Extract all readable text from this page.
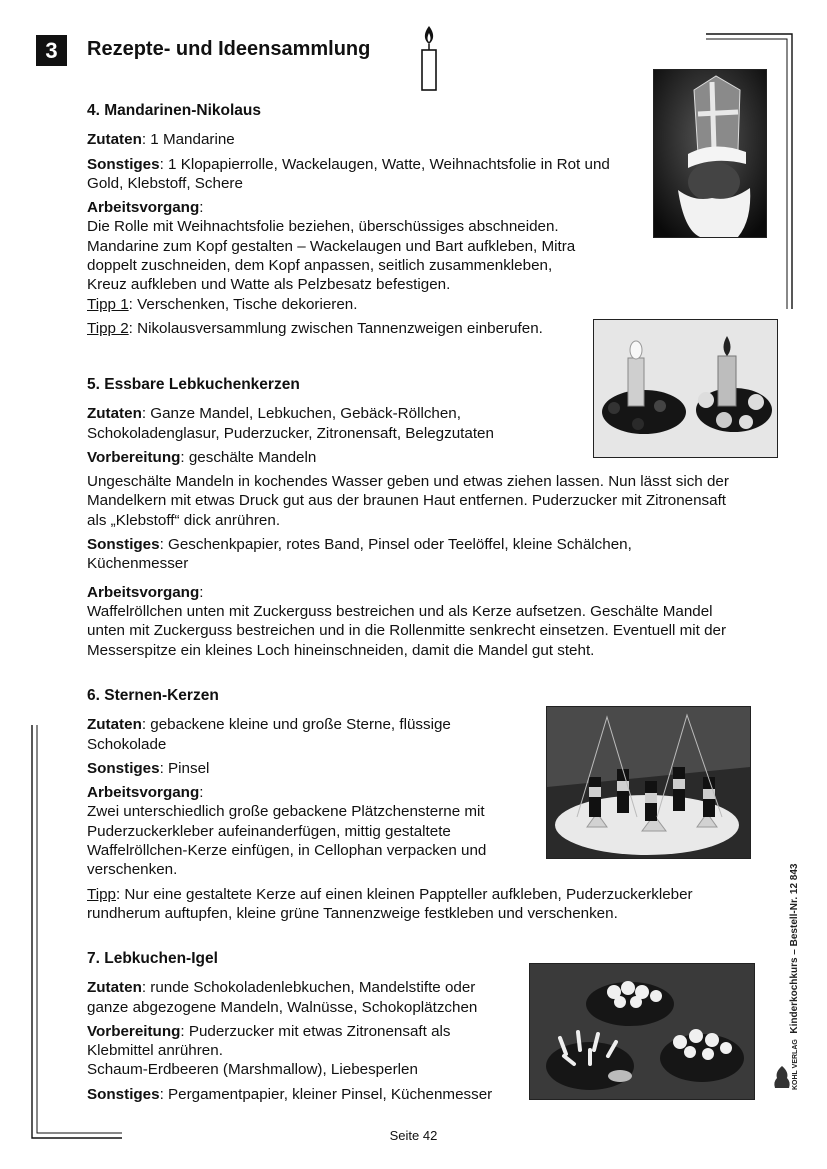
3	Rezepte- und Ideensammlung
4. Mandarinen-Nikolaus

Zutaten: 1 Mandarine

Sonstiges: 1 Klopapierrolle, Wackelaugen, Watte, Weihnachtsfolie in Rot und Gold, Klebstoff, Schere

Arbeitsvorgang:

Die Rolle mit Weihnachtsfolie beziehen, überschüssiges abschneiden. Mandarine zum Kopf gestalten – Wackelaugen und Bart aufkleben, Mitra doppelt zuschneiden, dem Kopf anpassen, seitlich zusammenkleben, Kreuz aufkleben und Watte als Pelzbesatz befestigen.

Tipp 1: Verschenken, Tische dekorieren.

Tipp 2: Nikolausversammlung zwischen Tannenzweigen einberufen.

5. Essbare Lebkuchenkerzen

Zutaten: Ganze Mandel, Lebkuchen, Gebäck-Röllchen, Schokoladenglasur, Puderzucker, Zitronensaft, Belegzutaten

Vorbereitung: geschälte Mandeln

Ungeschälte Mandeln in kochendes Wasser geben und etwas ziehen lassen. Nun lässt sich der Mandelkern mit etwas Druck gut aus der braunen Haut entfernen. Puderzucker mit Zitronensaft als „Klebstoff“ dick anrühren.

Sonstiges: Geschenkpapier, rotes Band, Pinsel oder Teelöffel, kleine Schälchen, Küchenmesser

Arbeitsvorgang:

Waffelröllchen unten mit Zuckerguss bestreichen und als Kerze aufsetzen. Geschälte Mandel unten mit Zuckerguss bestreichen und in die Rollenmitte senkrecht einsetzen. Eventuell mit der Messerspitze ein kleines Loch hineinschneiden, damit die Mandel gut steht.

6. Sternen-Kerzen

Zutaten: gebackene kleine und große Sterne, flüssige Schokolade

Sonstiges: Pinsel

Arbeitsvorgang:

Zwei unterschiedlich große gebackene Plätzchensterne mit Puderzuckerkleber aufeinanderfügen, mittig gestaltete Waffelröllchen-Kerze einfügen, in Cellophan verpacken und verschenken.

Tipp: Nur eine gestaltete Kerze auf einen kleinen Pappteller aufkleben, Puderzuckerkleber rundherum auftupfen, kleine grüne Tannenzweige festkleben und verschenken.

7. Lebkuchen-Igel

Zutaten: runde Schokoladenlebkuchen, Mandelstifte oder ganze abgezogene Mandeln, Walnüsse, Schokoplätzchen

Vorbereitung: Puderzucker mit etwas Zitronensaft als Klebmittel anrühren.

Schaum-Erdbeeren (Marshmallow), Liebesperlen

Sonstiges: Pergamentpapier, kleiner Pinsel, Küchenmesser

KOHL VERLAG  Kinderkochkurs – Bestell-Nr. 12 843
Seite 42
